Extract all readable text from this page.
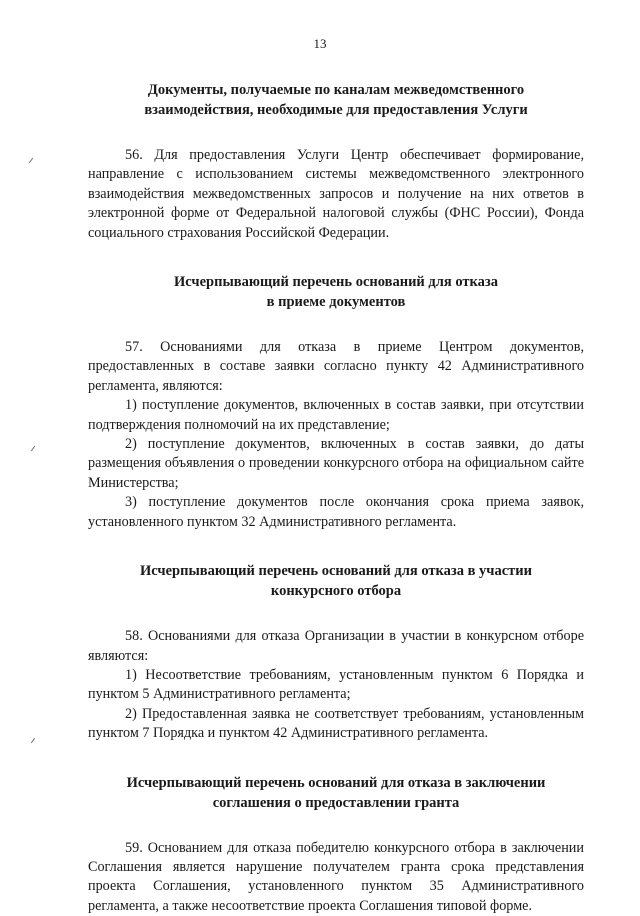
13
Документы, получаемые по каналам межведомственного
взаимодействия, необходимые для предоставления Услуги

56. Для предоставления Услуги Центр обеспечивает формирование, направление с использованием системы межведомственного электронного взаимодействия межведомственных запросов и получение на них ответов в электронной форме от Федеральной налоговой службы (ФНС России), Фонда социального страхования Российской Федерации.

Исчерпывающий перечень оснований для отказа
в приеме документов

57. Основаниями для отказа в приеме Центром документов, предоставленных в составе заявки согласно пункту 42 Административного регламента, являются:

1) поступление документов, включенных в состав заявки, при отсутствии подтверждения полномочий на их представление;

2) поступление документов, включенных в состав заявки, до даты размещения объявления о проведении конкурсного отбора на официальном сайте Министерства;

3) поступление документов после окончания срока приема заявок, установленного пунктом 32 Административного регламента.

Исчерпывающий перечень оснований для отказа в участии
конкурсного отбора

58. Основаниями для отказа Организации в участии в конкурсном отборе являются:

1) Несоответствие требованиям, установленным пунктом 6 Порядка и пунктом 5 Административного регламента;

2) Предоставленная заявка не соответствует требованиям, установленным пунктом 7 Порядка и пунктом 42 Административного регламента.

Исчерпывающий перечень оснований для отказа в заключении
соглашения о предоставлении гранта

59. Основанием для отказа победителю конкурсного отбора в заключении Соглашения является нарушение получателем гранта срока представления проекта Соглашения, установленного пунктом 35 Административного регламента, а также несоответствие проекта Соглашения типовой форме.
